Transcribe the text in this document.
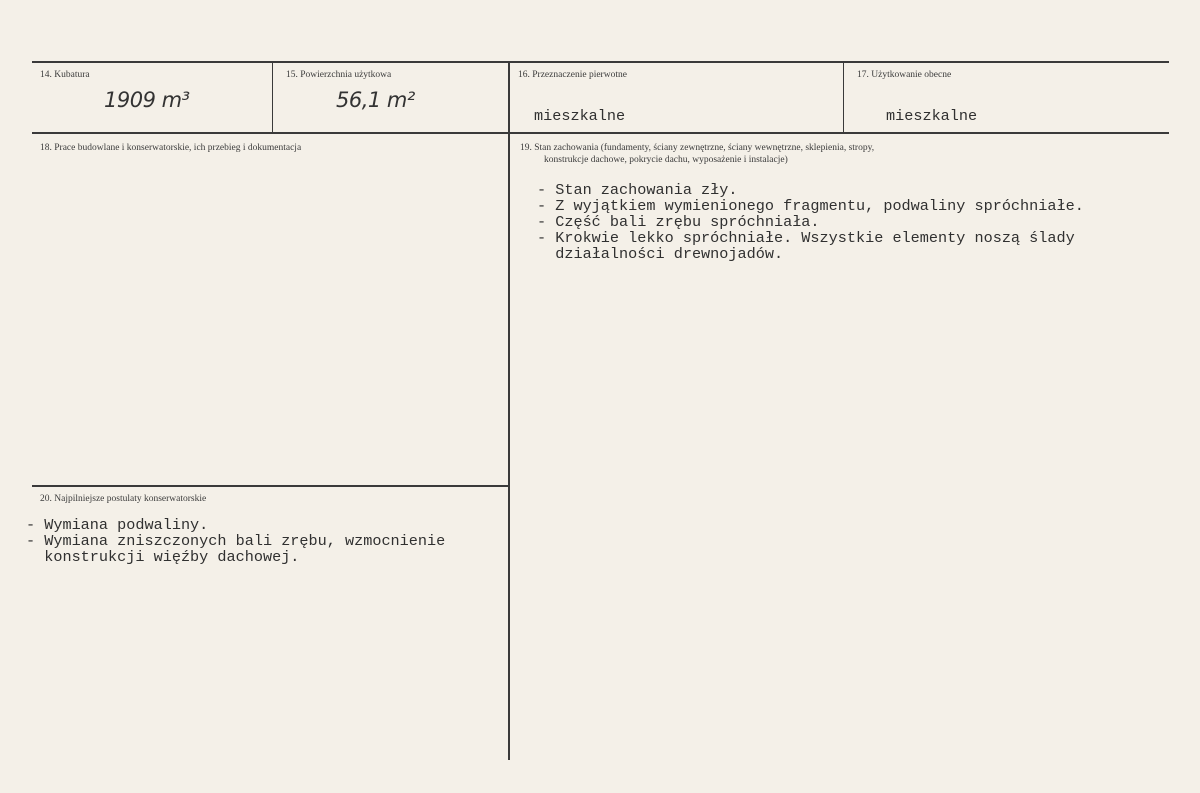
14. Kubatura
1909 m³
15. Powierzchnia użytkowa
56,1 m²
16. Przeznaczenie pierwotne
mieszkalne
17. Użytkowanie obecne
mieszkalne
18. Prace budowlane i konserwatorskie, ich przebieg i dokumentacja	19. Stan zachowania (fundamenty, ściany zewnętrzne, ściany wewnętrzne, sklepienia, stropy,
konstrukcje dachowe, pokrycie dachu, wyposażenie i instalacje)
- Stan zachowania zły.
- Z wyjątkiem wymienionego fragmentu, podwaliny spróchniałe.
- Część bali zrębu spróchniała.
- Krokwie lekko spróchniałe. Wszystkie elementy noszą ślady
działalności drewnojadów.
20. Najpilniejsze postulaty konserwatorskie
- Wymiana podwaliny.
- Wymiana zniszczonych bali zrębu, wzmocnienie
konstrukcji więźby dachowej.
